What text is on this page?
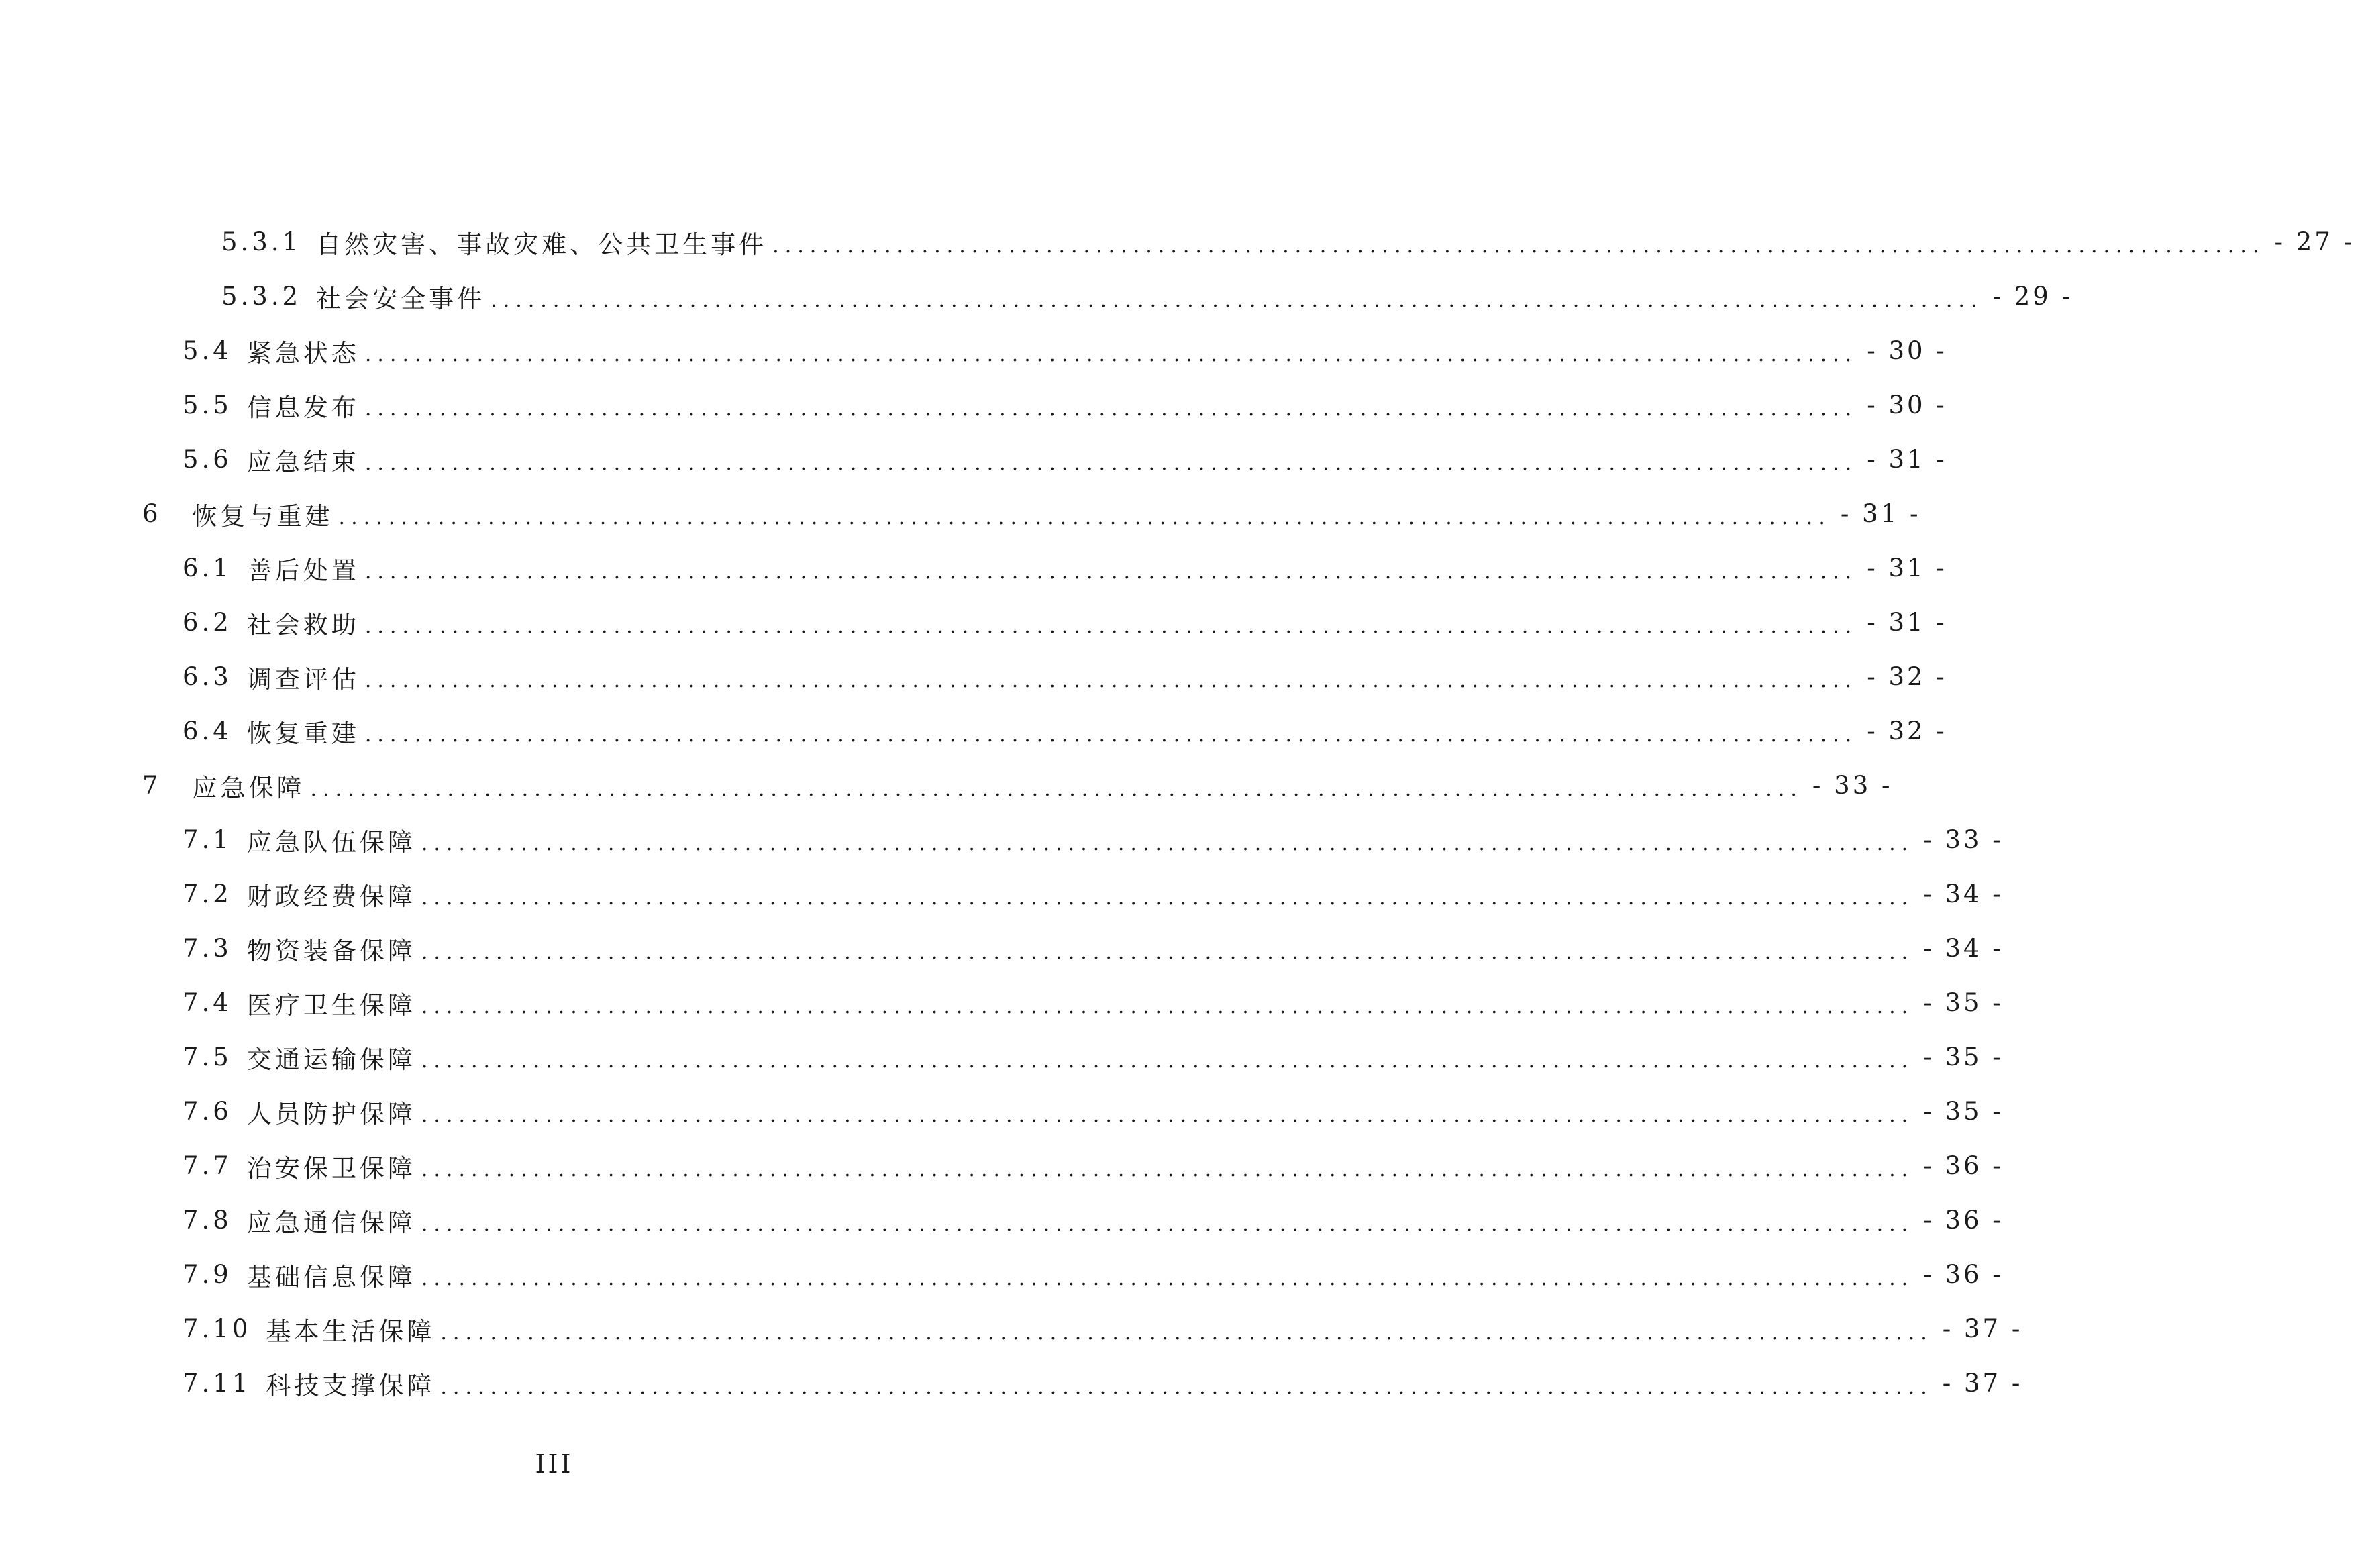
5.3.1 自然灾害、事故灾难、公共卫生事件 ........................................................................................................................ - 27 -
5.3.2 社会安全事件 ........................................................................................................................ - 29 -
5.4 紧急状态 ........................................................................................................................ - 30 -
5.5 信息发布 ........................................................................................................................ - 30 -
5.6 应急结束 ........................................................................................................................ - 31 -
6 恢复与重建 ........................................................................................................................ - 31 -
6.1 善后处置 ........................................................................................................................ - 31 -
6.2 社会救助 ........................................................................................................................ - 31 -
6.3 调查评估 ........................................................................................................................ - 32 -
6.4 恢复重建 ........................................................................................................................ - 32 -
7 应急保障 ........................................................................................................................ - 33 -
7.1 应急队伍保障 ........................................................................................................................ - 33 -
7.2 财政经费保障 ........................................................................................................................ - 34 -
7.3 物资装备保障 ........................................................................................................................ - 34 -
7.4 医疗卫生保障 ........................................................................................................................ - 35 -
7.5 交通运输保障 ........................................................................................................................ - 35 -
7.6 人员防护保障 ........................................................................................................................ - 35 -
7.7 治安保卫保障 ........................................................................................................................ - 36 -
7.8 应急通信保障 ........................................................................................................................ - 36 -
7.9 基础信息保障 ........................................................................................................................ - 36 -
7.10 基本生活保障 ........................................................................................................................ - 37 -
7.11 科技支撑保障 ........................................................................................................................ - 37 -
III
